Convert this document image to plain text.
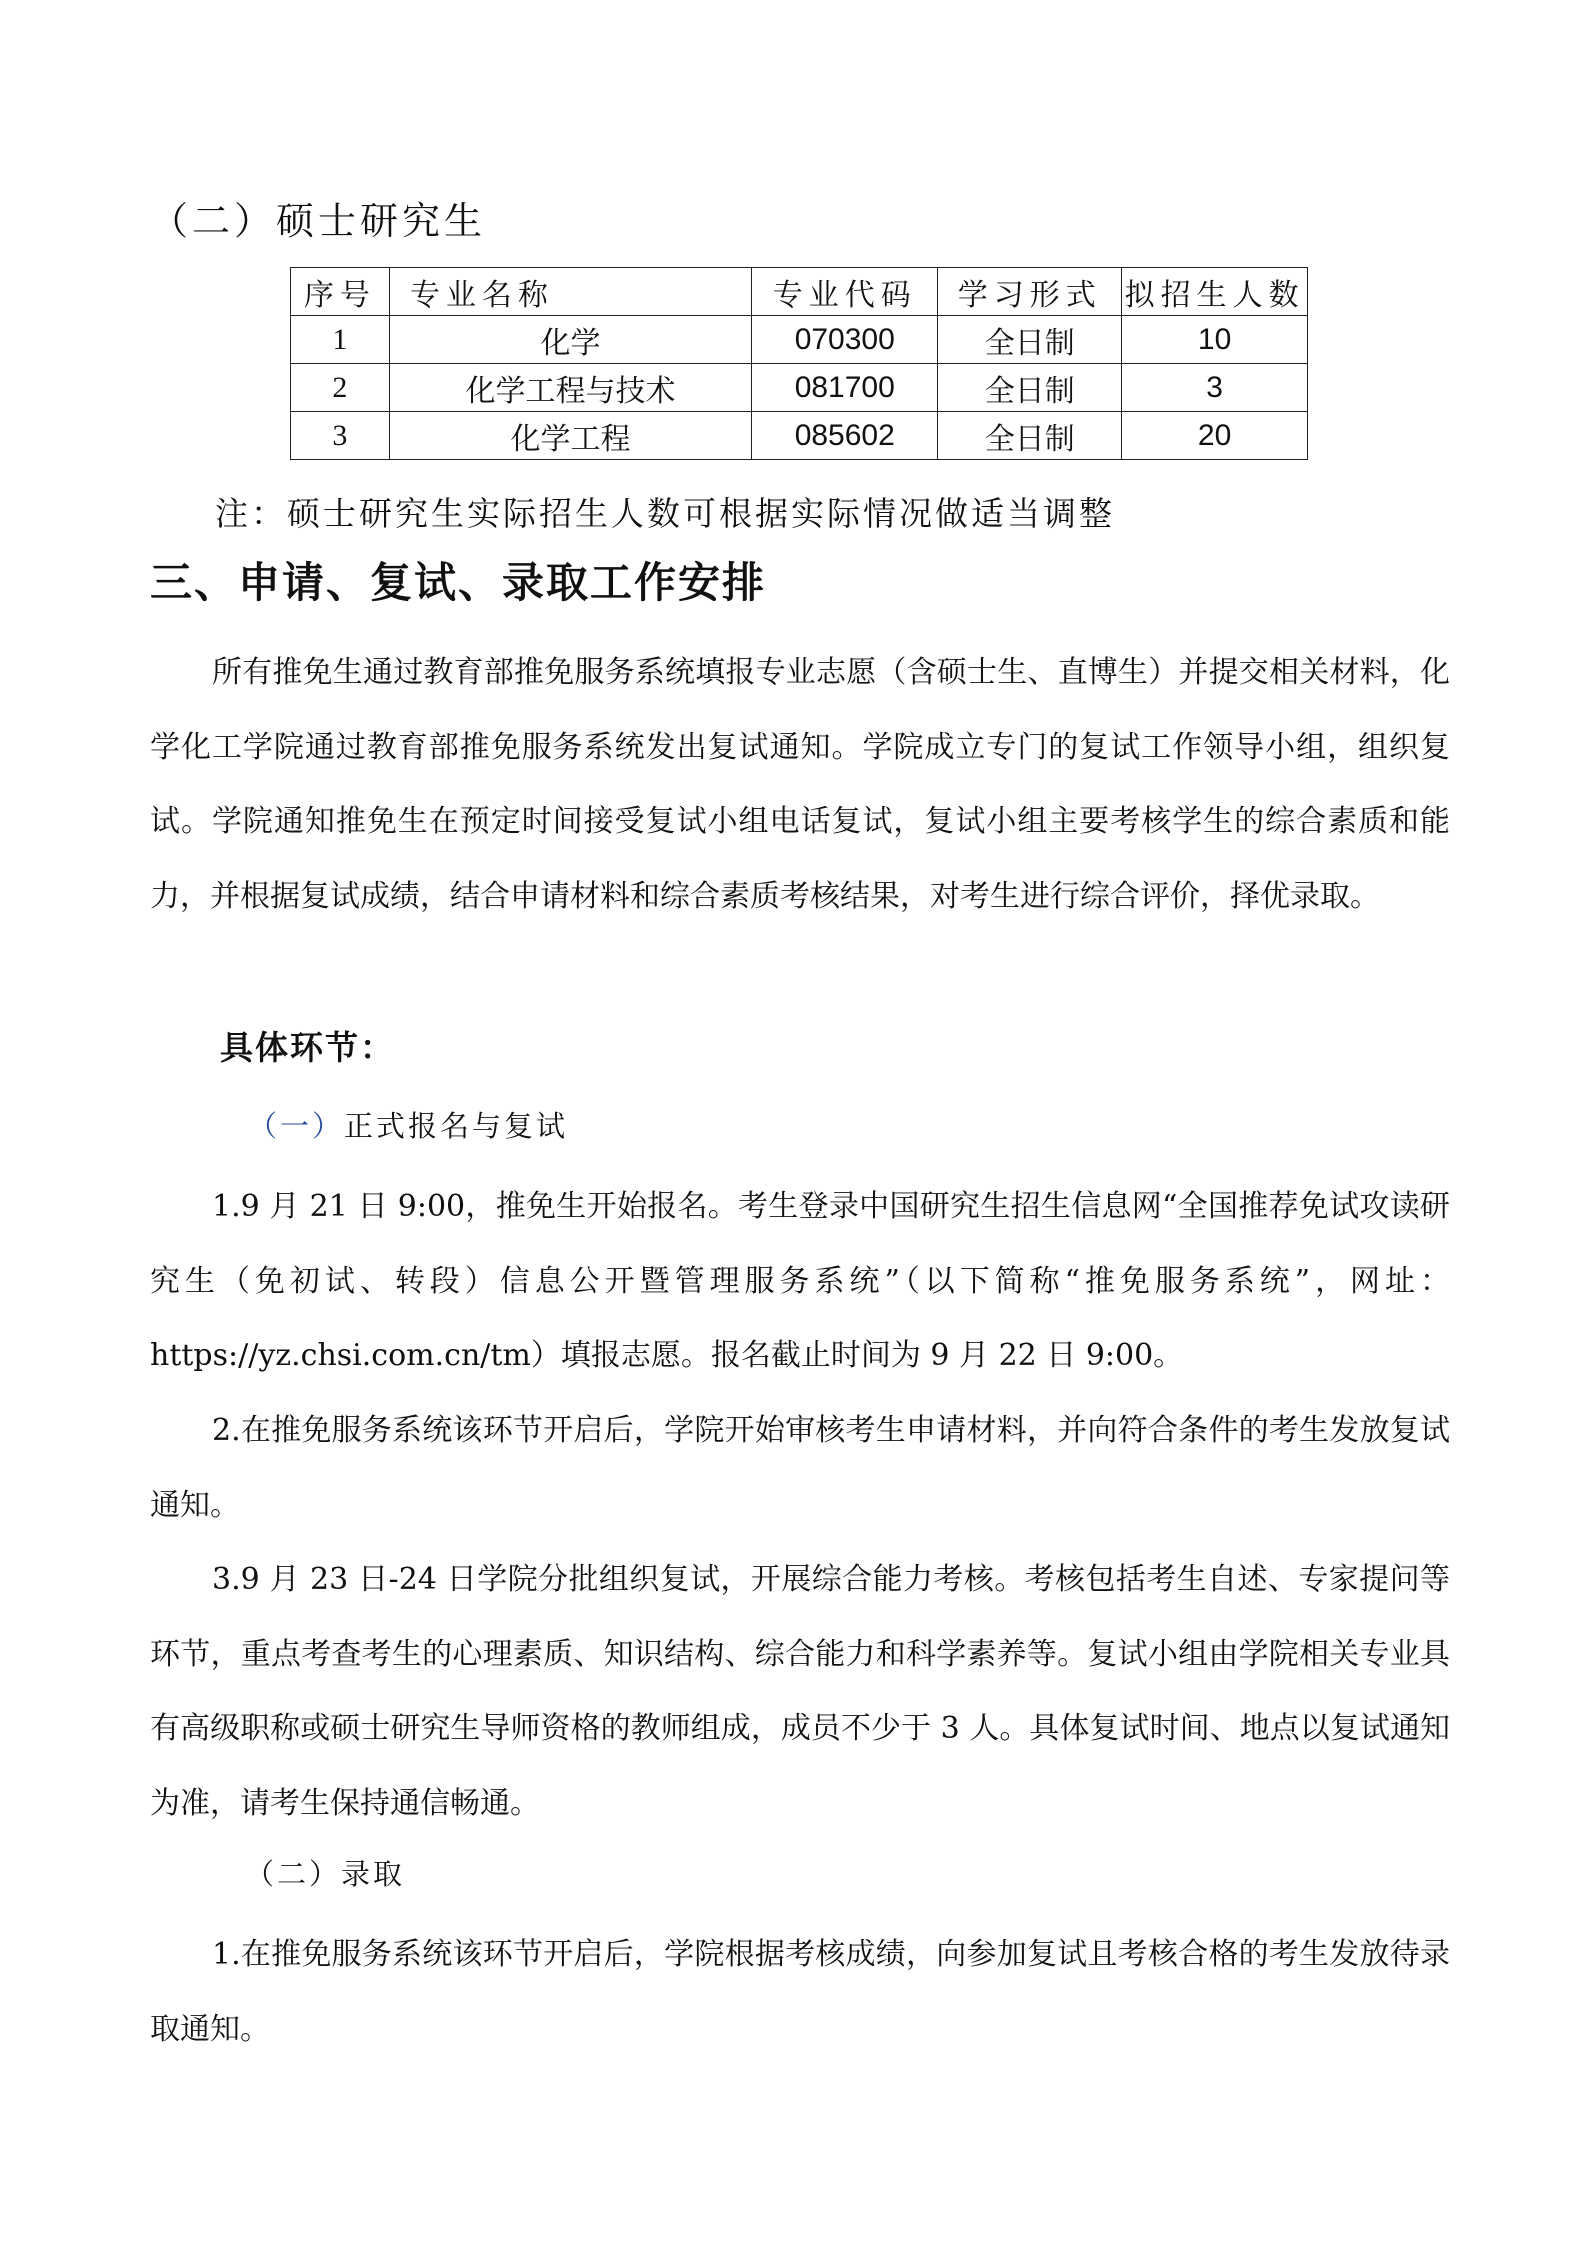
（二）硕士研究生
序号	专业名称	专业代码	学习形式	拟招生人数
1	化学	070300	全日制	10
2	化学工程与技术	081700	全日制	3
3	化学工程	085602	全日制	20
注：硕士研究生实际招生人数可根据实际情况做适当调整
三、申请、复试、录取工作安排
所有推免生通过教育部推免服务系统填报专业志愿（含硕士生、直博生）并提交相关材料，化学化工学院通过教育部推免服务系统发出复试通知。学院成立专门的复试工作领导小组，组织复试。学院通知推免生在预定时间接受复试小组电话复试，复试小组主要考核学生的综合素质和能力，并根据复试成绩，结合申请材料和综合素质考核结果，对考生进行综合评价，择优录取。
具体环节：
（一）正式报名与复试
1.9 月 21 日 9:00，推免生开始报名。考生登录中国研究生招生信息网“全国推荐免试攻读研究生（免初试、转段）信息公开暨管理服务系统”（以下简称“推免服务系统”，网址：https://yz.chsi.com.cn/tm）填报志愿。报名截止时间为 9 月 22 日 9:00。
2.在推免服务系统该环节开启后，学院开始审核考生申请材料，并向符合条件的考生发放复试通知。
3.9 月 23 日-24 日学院分批组织复试，开展综合能力考核。考核包括考生自述、专家提问等环节，重点考查考生的心理素质、知识结构、综合能力和科学素养等。复试小组由学院相关专业具有高级职称或硕士研究生导师资格的教师组成，成员不少于 3 人。具体复试时间、地点以复试通知为准，请考生保持通信畅通。
（二）录取
1.在推免服务系统该环节开启后，学院根据考核成绩，向参加复试且考核合格的考生发放待录取通知。
